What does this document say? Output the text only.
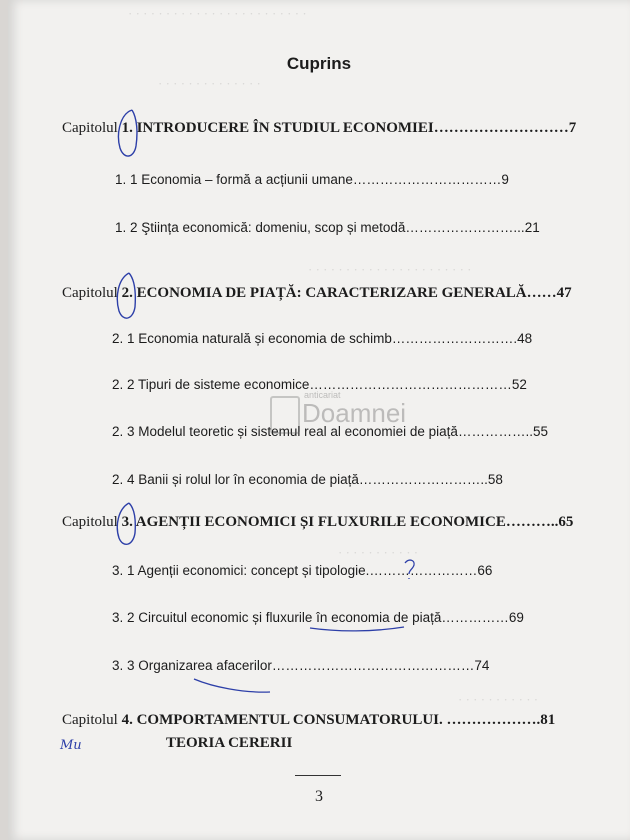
· · · · · · · · · · · · · · · · · · · · · · · ·
· · · · · · · · · · · · · ·
· · · · · · · · · · · · · · · · · · · · · ·
· · · · · · · · · · ·
· · · · · · · · · · ·
Cuprins
Capitolul 1. INTRODUCERE ÎN STUDIUL ECONOMIEI………………………7
1. 1 Economia – formă a acțiunii umane……………………………9
1. 2 Ştiința economică: domeniu, scop și metodă……………………...21
Capitolul 2. ECONOMIA DE PIAȚĂ: CARACTERIZARE GENERALĂ……47
2. 1 Economia naturală și economia de schimb……………………….48
2. 2 Tipuri de sisteme economice………………………………………52
2. 3 Modelul teoretic și sistemul real al economiei de piață……………..55
2. 4 Banii și rolul lor în economia de piață………………………..58
Capitolul 3. AGENȚII ECONOMICI ȘI FLUXURILE ECONOMICE………..65
3. 1 Agenții economici: concept și tipologie.……………………66
3. 2 Circuitul economic și fluxurile în economia de piață……………69
3. 3 Organizarea afacerilor………………………………………74
Capitolul 4. COMPORTAMENTUL CONSUMATORULUI. ……………….81
TEORIA CERERII
Mu
anticariat
Doamnei
3
